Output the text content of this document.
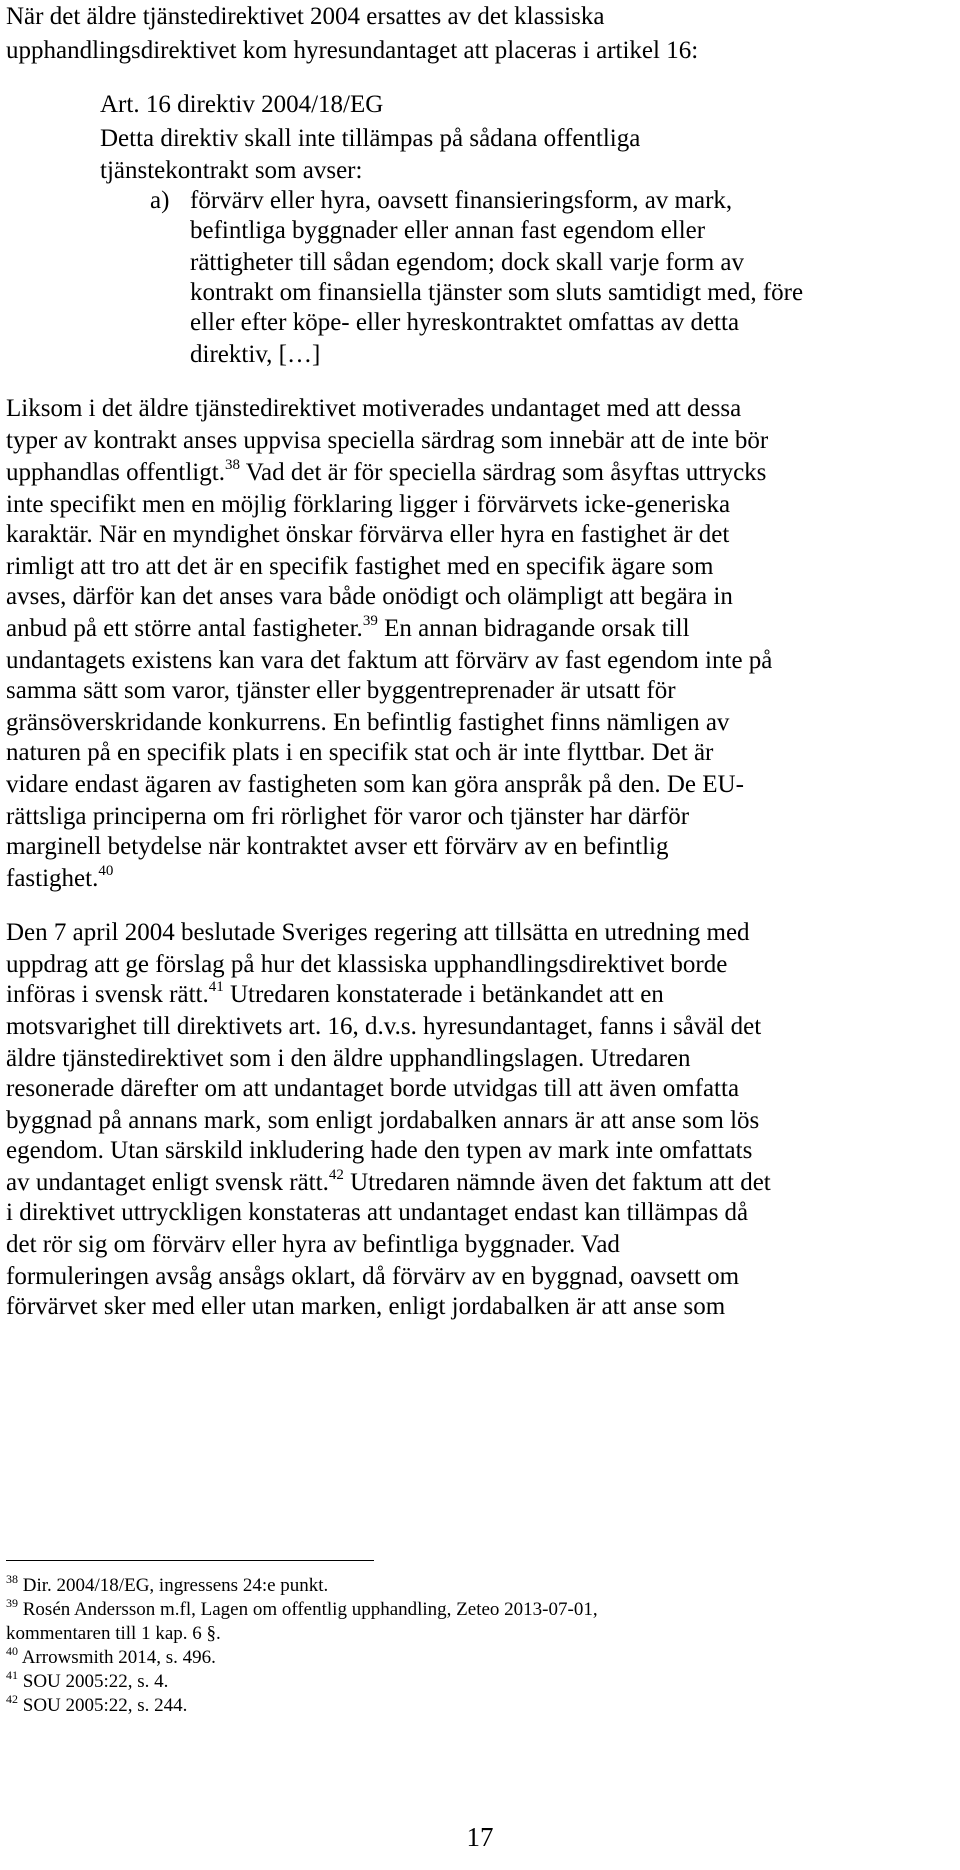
När det äldre tjänstedirektivet 2004 ersattes av det klassiska
upphandlingsdirektivet kom hyresundantaget att placeras i artikel 16:
Art. 16 direktiv 2004/18/EG
Detta direktiv skall inte tillämpas på sådana offentliga
tjänstekontrakt som avser:
a) förvärv eller hyra, oavsett finansieringsform, av mark,
befintliga byggnader eller annan fast egendom eller
rättigheter till sådan egendom; dock skall varje form av
kontrakt om finansiella tjänster som sluts samtidigt med, före
eller efter köpe- eller hyreskontraktet omfattas av detta
direktiv, […]
Liksom i det äldre tjänstedirektivet motiverades undantaget med att dessa
typer av kontrakt anses uppvisa speciella särdrag som innebär att de inte bör
upphandlas offentligt.$^{38}$ Vad det är för speciella särdrag som åsyftas uttrycks
inte specifikt men en möjlig förklaring ligger i förvärvets icke-generiska
karaktär. När en myndighet önskar förvärva eller hyra en fastighet är det
rimligt att tro att det är en specifik fastighet med en specifik ägare som
avses, därför kan det anses vara både onödigt och olämpligt att begära in
anbud på ett större antal fastigheter.$^{39}$ En annan bidragande orsak till
undantagets existens kan vara det faktum att förvärv av fast egendom inte på
samma sätt som varor, tjänster eller byggentreprenader är utsatt för
gränsöverskridande konkurrens. En befintlig fastighet finns nämligen av
naturen på en specifik plats i en specifik stat och är inte flyttbar. Det är
vidare endast ägaren av fastigheten som kan göra anspråk på den. De EU-
rättsliga principerna om fri rörlighet för varor och tjänster har därför
marginell betydelse när kontraktet avser ett förvärv av en befintlig
fastighet.$^{40}$
Den 7 april 2004 beslutade Sveriges regering att tillsätta en utredning med
uppdrag att ge förslag på hur det klassiska upphandlingsdirektivet borde
införas i svensk rätt.$^{41}$ Utredaren konstaterade i betänkandet att en
motsvarighet till direktivets art. 16, d.v.s. hyresundantaget, fanns i såväl det
äldre tjänstedirektivet som i den äldre upphandlingslagen. Utredaren
resonerade därefter om att undantaget borde utvidgas till att även omfatta
byggnad på annans mark, som enligt jordabalken annars är att anse som lös
egendom. Utan särskild inkludering hade den typen av mark inte omfattats
av undantaget enligt svensk rätt.$^{42}$ Utredaren nämnde även det faktum att det
i direktivet uttryckligen konstateras att undantaget endast kan tillämpas då
det rör sig om förvärv eller hyra av befintliga byggnader. Vad
formuleringen avsåg ansågs oklart, då förvärv av en byggnad, oavsett om
förvärvet sker med eller utan marken, enligt jordabalken är att anse som
$^{38}$ Dir. 2004/18/EG, ingressens 24:e punkt.
$^{39}$ Rosén Andersson m.fl, Lagen om offentlig upphandling, Zeteo 2013-07-01,
kommentaren till 1 kap. 6 §.
$^{40}$ Arrowsmith 2014, s. 496.
$^{41}$ SOU 2005:22, s. 4.
$^{42}$ SOU 2005:22, s. 244.
17
